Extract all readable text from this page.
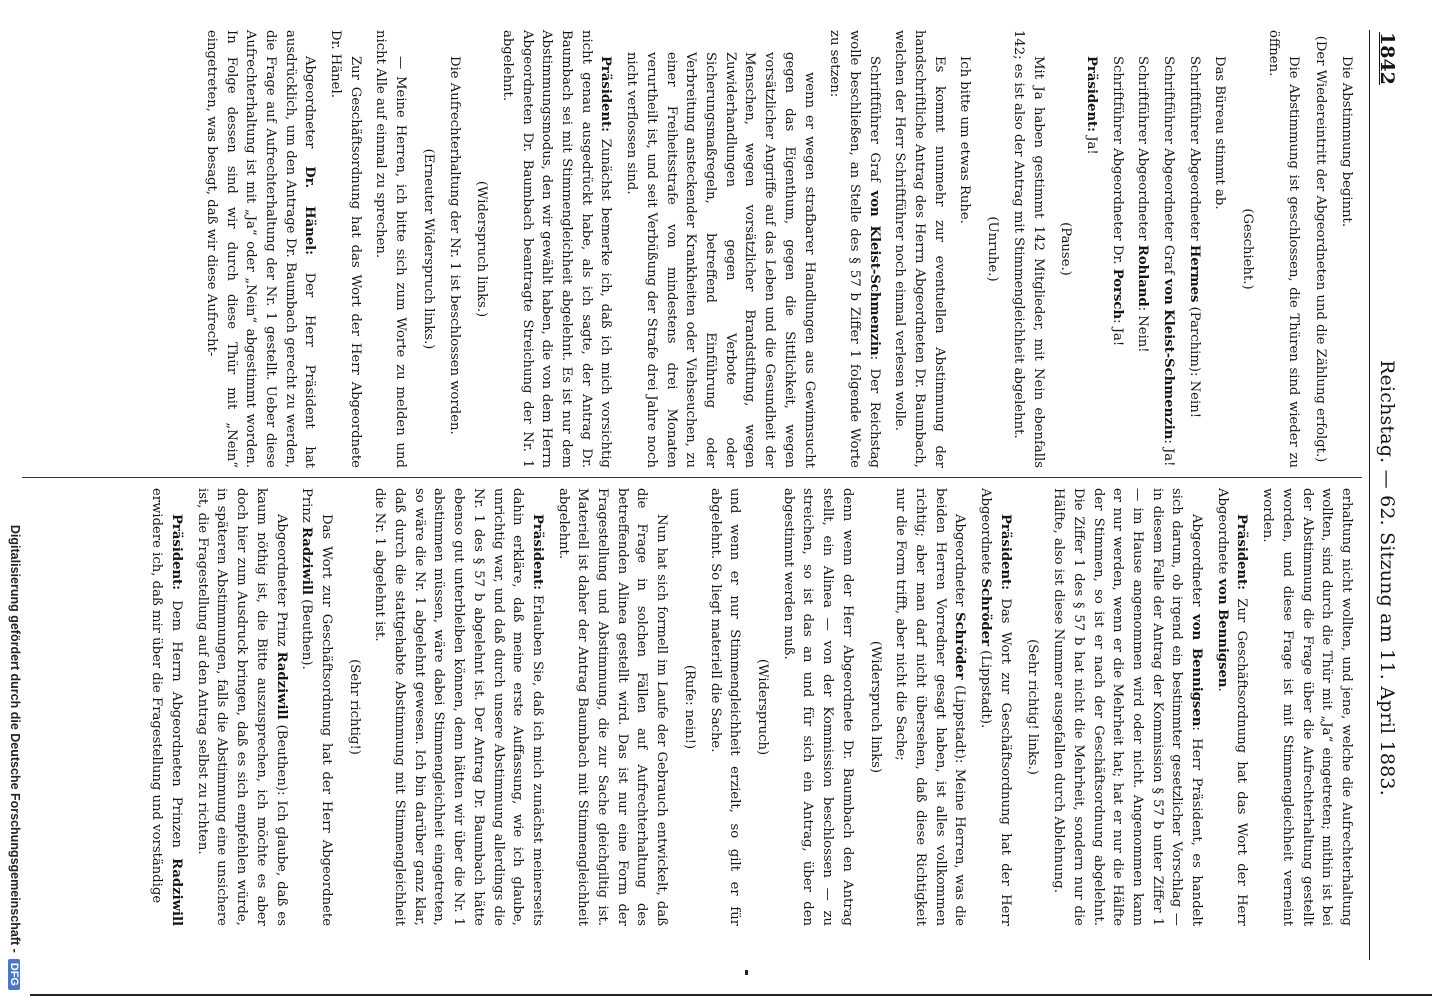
1842
Reichstag. — 62. Sitzung am 11. April 1883.

Die Abstimmung beginnt.

(Der Wiedereintritt der Abgeordneten und die Zählung erfolgt.)

Die Abstimmung ist geschlossen, die Thüren sind wieder zu öffnen.

(Geschieht.)

Das Büreau stimmt ab.

Schriftführer Abgeordneter Hermes (Parchim): Nein!

Schriftführer Abgeordneter Graf von Kleist-Schmenzin: Ja!

Schriftführer Abgeordneter Rohland: Nein!

Schriftführer Abgeordneter Dr. Porsch: Ja!

Präsident: Ja!

(Pause.)

Mit Ja haben gestimmt 142 Mitglieder, mit Nein ebenfalls 142; es ist also der Antrag mit Stimmengleichheit abgelehnt.

(Unruhe.)

Ich bitte um etwas Ruhe.

Es kommt nunmehr zur eventuellen Abstimmung der handschriftliche Antrag des Herrn Abgeordneten Dr. Baumbach, welchen der Herr Schriftführer noch einmal verlesen wolle.

Schriftführer Graf von Kleist-Schmenzin: Der Reichstag wolle beschließen, an Stelle des § 57 b Ziffer 1 folgende Worte zu setzen:

wenn er wegen strafbarer Handlungen aus Gewinnsucht gegen das Eigenthum, gegen die Sittlichkeit, wegen vorsätzlicher Angriffe auf das Leben und die Gesundheit der Menschen, wegen vorsätzlicher Brandstiftung, wegen Zuwiderhandlungen gegen Verbote oder Sicherungsmaßregeln, betreffend Einführung oder Verbreitung ansteckender Krankheiten oder Viehseuchen, zu einer Freiheitsstrafe von mindestens drei Monaten verurtheilt ist, und seit Verbüßung der Strafe drei Jahre noch nicht verflossen sind.

Präsident: Zunächst bemerke ich, daß ich mich vorsichtig nicht genau ausgedrückt habe, als ich sagte, der Antrag Dr. Baumbach sei mit Stimmengleichheit abgelehnt. Es ist nur dem Abstimmungsmodus, den wir gewählt haben, die von dem Herrn Abgeordneten Dr. Baumbach beantragte Streichung der Nr. 1 abgelehnt.

(Widerspruch links.)

Die Aufrechterhaltung der Nr. 1 ist beschlossen worden.

(Erneuter Widerspruch links.)

— Meine Herren, ich bitte sich zum Worte zu melden und nicht Alle auf einmal zu sprechen.

Zur Geschäftsordnung hat das Wort der Herr Abgeordnete Dr. Hänel.

Abgeordneter Dr. Hänel: Der Herr Präsident hat ausdrücklich, um den Antrage Dr. Baumbach gerecht zu werden, die Frage auf Aufrechterhaltung der Nr. 1 gestellt. Ueber diese Aufrechterhaltung ist mit „Ja“ oder „Nein“ abgestimmt worden. In Folge dessen sind wir durch diese Thür mit „Nein“ eingetreten, was besagt, daß wir diese Aufrecht-

erhaltung nicht wollten, und jene, welche die Aufrechterhaltung wollten, sind durch die Thür mit „Ja“ eingetreten; mithin ist bei der Abstimmung die Frage über die Aufrechterhaltung gestellt worden, und diese Frage ist mit Stimmengleichheit verneint worden.

Präsident: Zur Geschäftsordnung hat das Wort der Herr Abgeordnete von Bennigsen.

Abgeordneter von Bennigsen: Herr Präsident, es handelt sich darum, ob irgend ein bestimmter gesetzlicher Vorschlag — in diesem Falle der Antrag der Kommission § 57 b unter Ziffer 1 — im Hause angenommen wird oder nicht. Angenommen kann er nur werden, wenn er die Mehrheit hat; hat er nur die Hälfte der Stimmen, so ist er nach der Geschäftsordnung abgelehnt. Die Ziffer 1 des § 57 b hat nicht die Mehrheit, sondern nur die Hälfte, also ist diese Nummer ausgefallen durch Ablehnung.

(Sehr richtig! links.)

Präsident: Das Wort zur Geschäftsordnung hat der Herr Abgeordnete Schröder (Lippstadt).

Abgeordneter Schröder (Lippstadt): Meine Herren, was die beiden Herren Vorredner gesagt haben, ist alles vollkommen richtig; aber man darf nicht übersehen, daß diese Richtigkeit nur die Form trifft, aber nicht die Sache;

(Widerspruch links)

denn wenn der Herr Abgeordnete Dr. Baumbach den Antrag stellt, ein Alinea — von der Kommission beschlossen — zu streichen, so ist das an und für sich ein Antrag, über den abgestimmt werden muß.

(Widerspruch)

und wenn er nur Stimmengleichheit erzielt, so gilt er für abgelehnt. So liegt materiell die Sache.

(Rufe: nein!)

Nun hat sich formell im Laufe der Gebrauch entwickelt, daß die Frage in solchen Fällen auf Aufrechterhaltung des betreffenden Alinea gestellt wird. Das ist nur eine Form der Fragestellung und Abstimmung, die zur Sache gleichgiltig ist. Materiell ist daher der Antrag Baumbach mit Stimmengleichheit abgelehnt.

Präsident: Erlauben Sie, daß ich mich zunächst meinerseits dahin erkläre, daß meine erste Auffassung, wie ich glaube, unrichtig war, und daß durch unsere Abstimmung allerdings die Nr. 1 des § 57 b abgelehnt ist. Der Antrag Dr. Baumbach hätte ebenso gut unterbleiben können, denn hätten wir über die Nr. 1 abstimmen müssen, wäre dabei Stimmengleichheit eingetreten, so wäre die Nr. 1 abgelehnt gewesen. Ich bin darüber ganz klar, daß durch die stattgehabte Abstimmung mit Stimmengleichheit die Nr. 1 abgelehnt ist.

(Sehr richtig!)

Das Wort zur Geschäftsordnung hat der Herr Abgeordnete Prinz Radziwill (Beuthen).

Abgeordneter Prinz Radziwill (Beuthen): Ich glaube, daß es kaum nöthig ist, die Bitte auszusprechen, ich möchte es aber doch hier zum Ausdruck bringen, daß es sich empfehlen würde, in späteren Abstimmungen, falls die Abstimmung eine unsichere ist, die Fragestellung auf den Antrag selbst zu richten.

Präsident: Dem Herrn Abgeordneten Prinzen Radziwill erwidere ich, daß mir über die Fragestellung und vorständige

Digitalisierung gefördert durch die Deutsche Forschungsgemeinschaft -DFG
